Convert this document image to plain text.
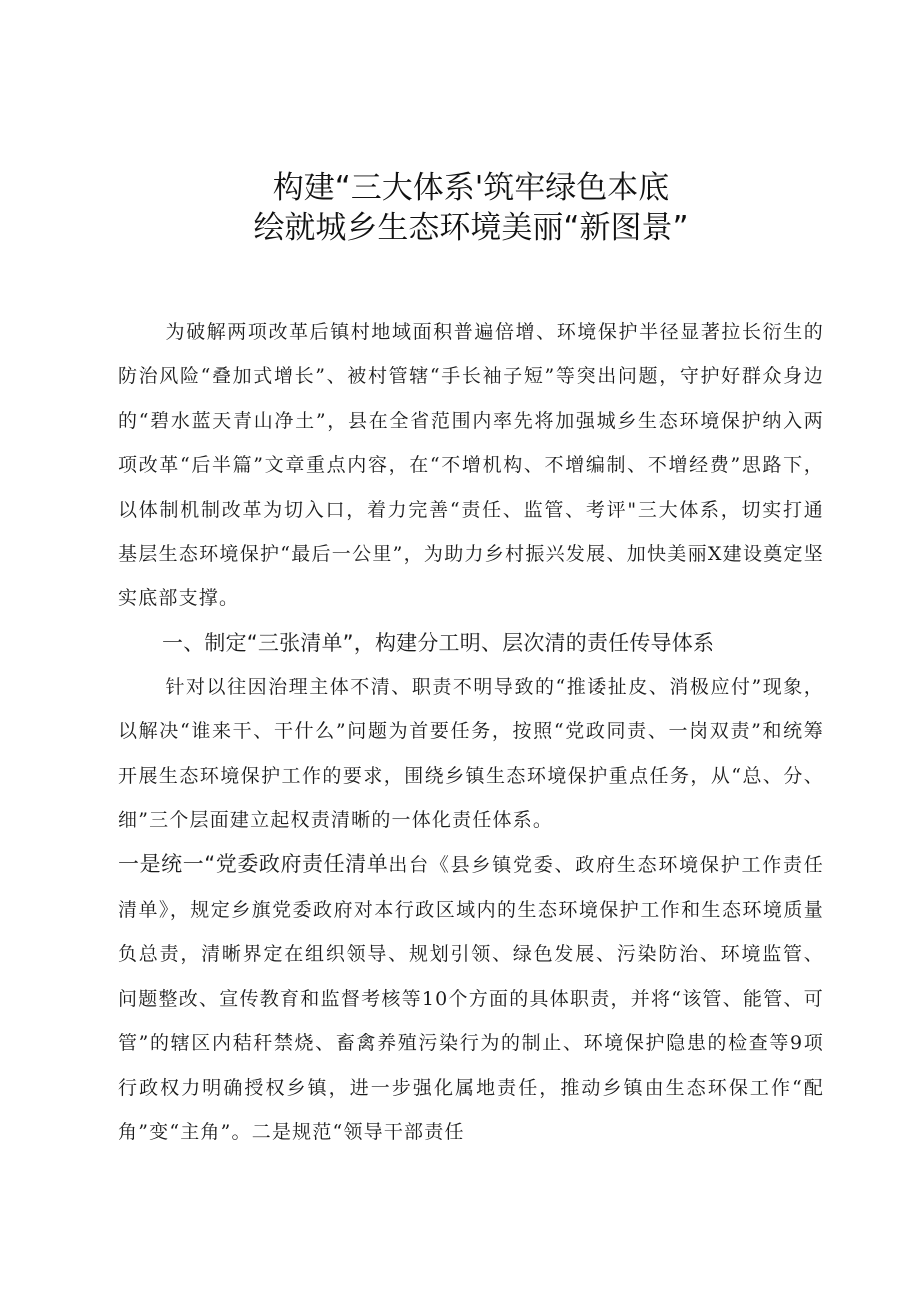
构建“三大体系'筑牢绿色本底
绘就城乡生态环境美丽“新图景”

为破解两项改革后镇村地域面积普遍倍增、环境保护半径显著拉长衍生的防治风险“叠加式增长”、被村管辖“手长袖子短”等突出问题，守护好群众身边的“碧水蓝天青山净土”，县在全省范围内率先将加强城乡生态环境保护纳入两项改革“后半篇”文章重点内容，在“不增机构、不增编制、不增经费”思路下，以体制机制改革为切入口，着力完善“责任、监管、考评"三大体系，切实打通基层生态环境保护“最后一公里”，为助力乡村振兴发展、加快美丽X建设奠定坚实底部支撑。

一、制定“三张清单”，构建分工明、层次清的责任传导体系

针对以往因治理主体不清、职责不明导致的“推诿扯皮、消极应付”现象，以解决“谁来干、干什么”问题为首要任务，按照“党政同责、一岗双责”和统筹开展生态环境保护工作的要求，围绕乡镇生态环境保护重点任务，从“总、分、细”三个层面建立起权责清晰的一体化责任体系。

一是统一“党委政府责任清单出台《县乡镇党委、政府生态环境保护工作责任清单》，规定乡旗党委政府对本行政区域内的生态环境保护工作和生态环境质量负总责，清晰界定在组织领导、规划引领、绿色发展、污染防治、环境监管、问题整改、宣传教育和监督考核等10个方面的具体职责，并将“该管、能管、可管”的辖区内秸秆禁烧、畜禽养殖污染行为的制止、环境保护隐患的检查等9项行政权力明确授权乡镇，进一步强化属地责任，推动乡镇由生态环保工作“配角”变“主角”。二是规范“领导干部责任
